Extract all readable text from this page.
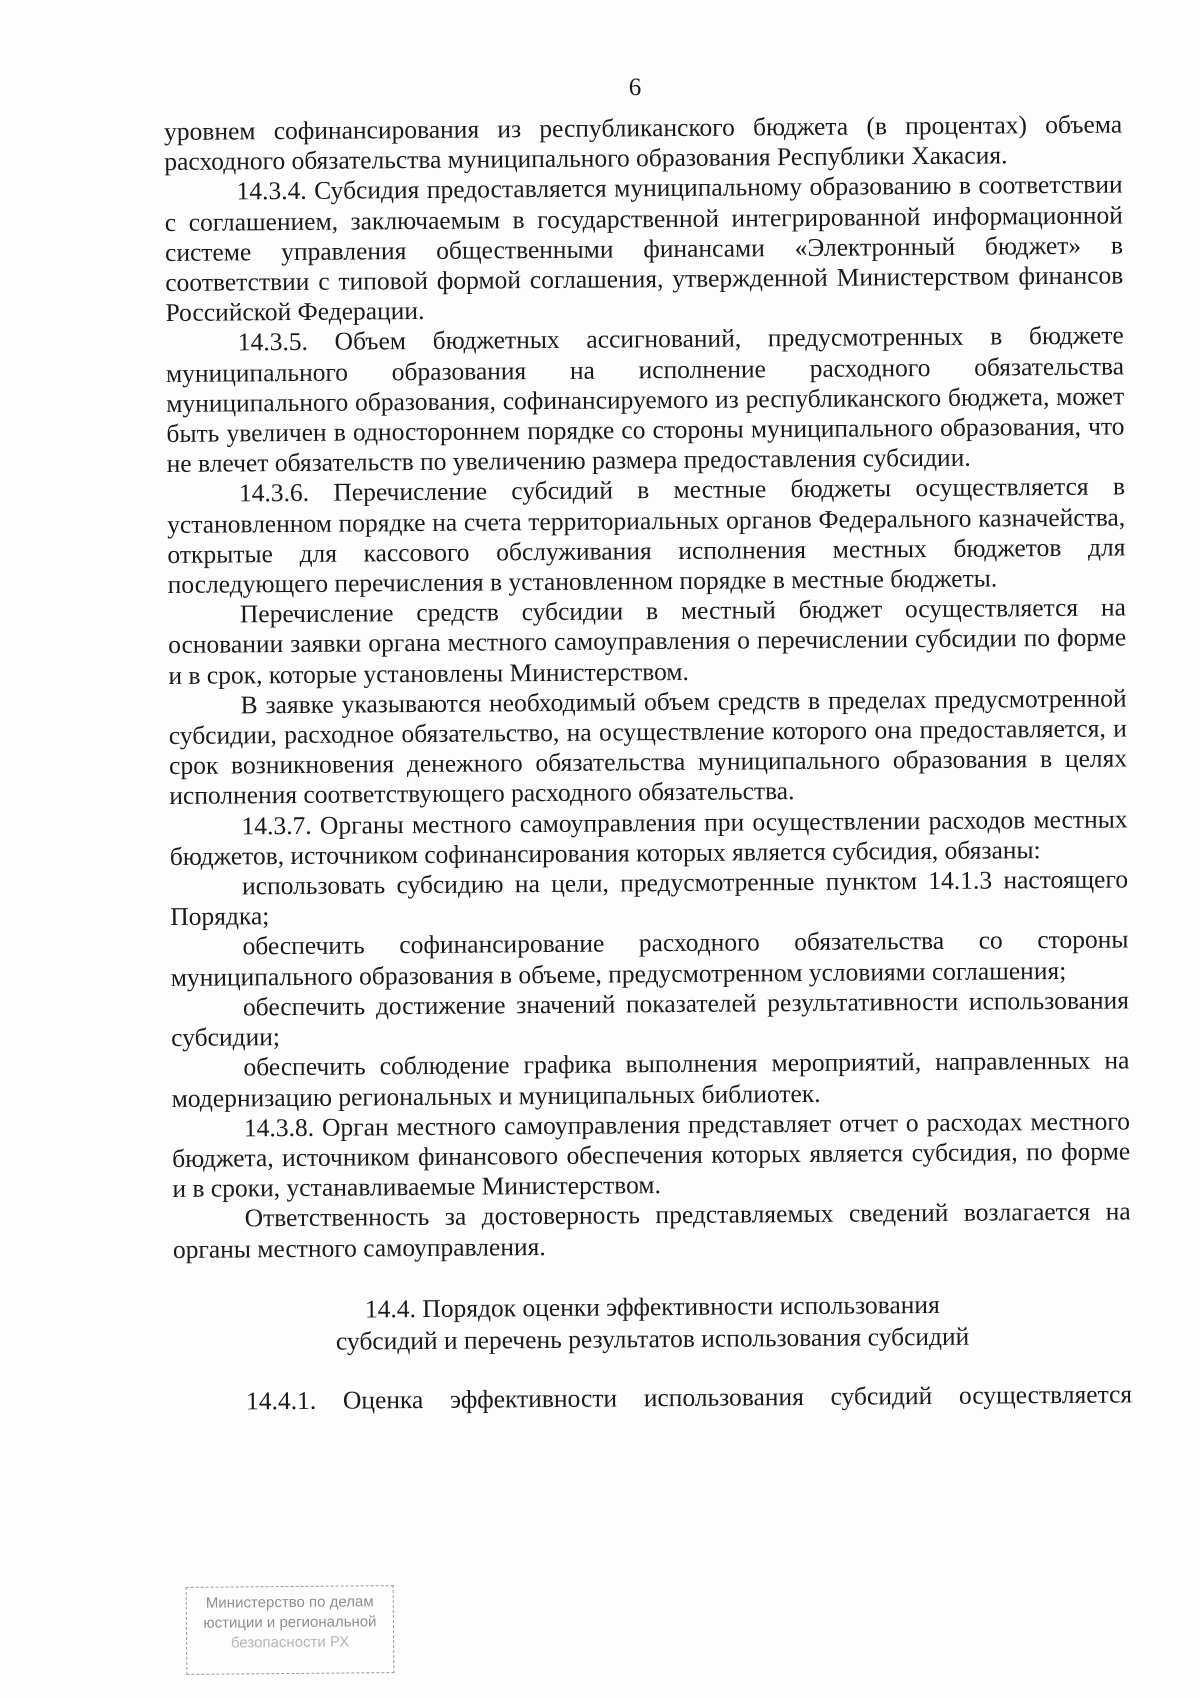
6

уровнем софинансирования из республиканского бюджета (в процентах) объема расходного обязательства муниципального образования Республики Хакасия.

14.3.4. Субсидия предоставляется муниципальному образованию в соответствии с соглашением, заключаемым в государственной интегрированной информационной системе управления общественными финансами «Электронный бюджет» в соответствии с типовой формой соглашения, утвержденной Министерством финансов Российской Федерации.

14.3.5. Объем бюджетных ассигнований, предусмотренных в бюджете муниципального образования на исполнение расходного обязательства муниципального образования, софинансируемого из республиканского бюджета, может быть увеличен в одностороннем порядке со стороны муниципального образования, что не влечет обязательств по увеличению размера предоставления субсидии.

14.3.6. Перечисление субсидий в местные бюджеты осуществляется в установленном порядке на счета территориальных органов Федерального казначейства, открытые для кассового обслуживания исполнения местных бюджетов для последующего перечисления в установленном порядке в местные бюджеты.

Перечисление средств субсидии в местный бюджет осуществляется на основании заявки органа местного самоуправления о перечислении субсидии по форме и в срок, которые установлены Министерством.

В заявке указываются необходимый объем средств в пределах предусмотренной субсидии, расходное обязательство, на осуществление которого она предоставляется, и срок возникновения денежного обязательства муниципального образования в целях исполнения соответствующего расходного обязательства.

14.3.7. Органы местного самоуправления при осуществлении расходов местных бюджетов, источником софинансирования которых является субсидия, обязаны:

использовать субсидию на цели, предусмотренные пунктом 14.1.3 настоящего Порядка;

обеспечить софинансирование расходного обязательства со стороны муниципального образования в объеме, предусмотренном условиями соглашения;

обеспечить достижение значений показателей результативности использования субсидии;

обеспечить соблюдение графика выполнения мероприятий, направленных на модернизацию региональных и муниципальных библиотек.

14.3.8. Орган местного самоуправления представляет отчет о расходах местного бюджета, источником финансового обеспечения которых является субсидия, по форме и в сроки, устанавливаемые Министерством.

Ответственность за достоверность представляемых сведений возлагается на органы местного самоуправления.

14.4. Порядок оценки эффективности использования
субсидий и перечень результатов использования субсидий

14.4.1. Оценка эффективности использования субсидий осуществляется

Министерство по делам
юстиции и региональной
безопасности РХ
